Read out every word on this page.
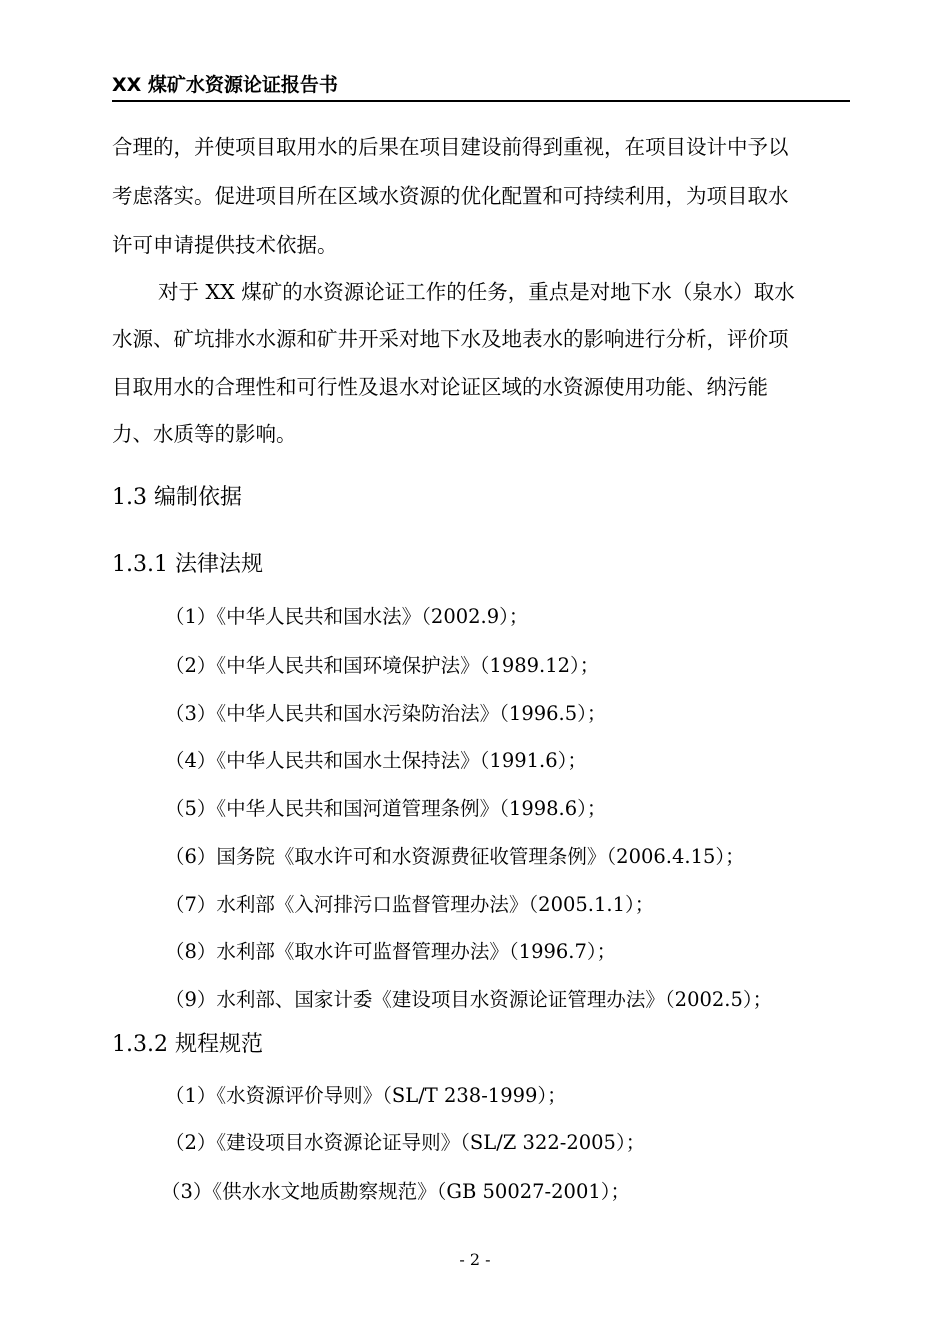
XX 煤矿水资源论证报告书
合理的，并使项目取用水的后果在项目建设前得到重视，在项目设计中予以
考虑落实。促进项目所在区域水资源的优化配置和可持续利用，为项目取水
许可申请提供技术依据。
对于 XX 煤矿的水资源论证工作的任务，重点是对地下水（泉水）取水
水源、矿坑排水水源和矿井开采对地下水及地表水的影响进行分析，评价项
目取用水的合理性和可行性及退水对论证区域的水资源使用功能、纳污能
力、水质等的影响。
1.3 编制依据
1.3.1 法律法规
（1）《中华人民共和国水法》（2002.9）；
（2）《中华人民共和国环境保护法》（1989.12）；
（3）《中华人民共和国水污染防治法》（1996.5）；
（4）《中华人民共和国水土保持法》（1991.6）；
（5）《中华人民共和国河道管理条例》（1998.6）；
（6）国务院《取水许可和水资源费征收管理条例》（2006.4.15）；
（7）水利部《入河排污口监督管理办法》（2005.1.1）；
（8）水利部《取水许可监督管理办法》（1996.7）；
（9）水利部、国家计委《建设项目水资源论证管理办法》（2002.5）；
1.3.2 规程规范
（1）《水资源评价导则》（SL/T 238-1999）；
（2）《建设项目水资源论证导则》（SL/Z 322-2005）；
（3）《供水水文地质勘察规范》（GB 50027-2001）；
- 2 -
